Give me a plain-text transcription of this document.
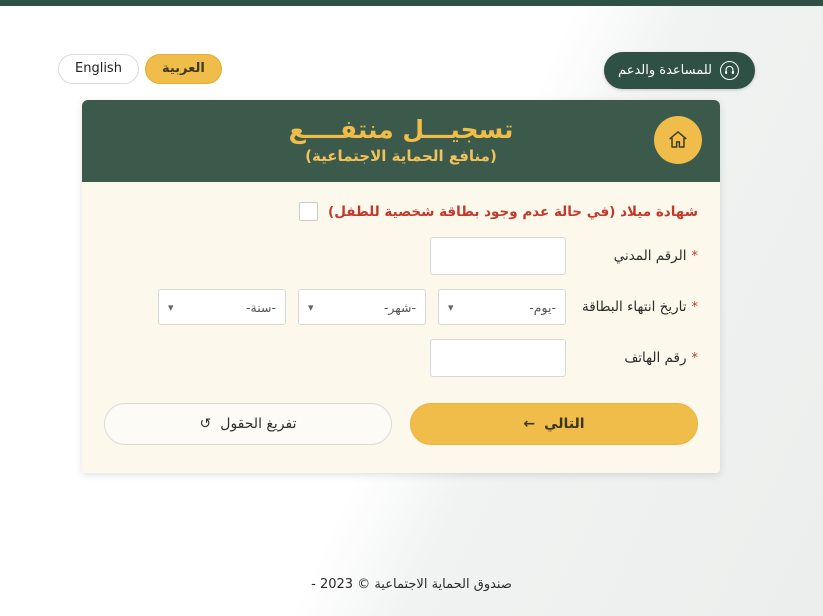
العربية
English	للمساعدة والدعم
تسجيـــل منتفــــع
(منافع الحماية الاجتماعية)
شهادة ميلاد (في حالة عدم وجود بطاقة شخصية للطفل)
*
الرقم المدني
*
تاريخ انتهاء البطاقة
-يوم-
▾
-شهر-
▾
-سنة-
▾
*
رقم الهاتف
التالي
←
تفريغ الحقول
↺
صندوق الحماية الاجتماعية - 2023 ©
